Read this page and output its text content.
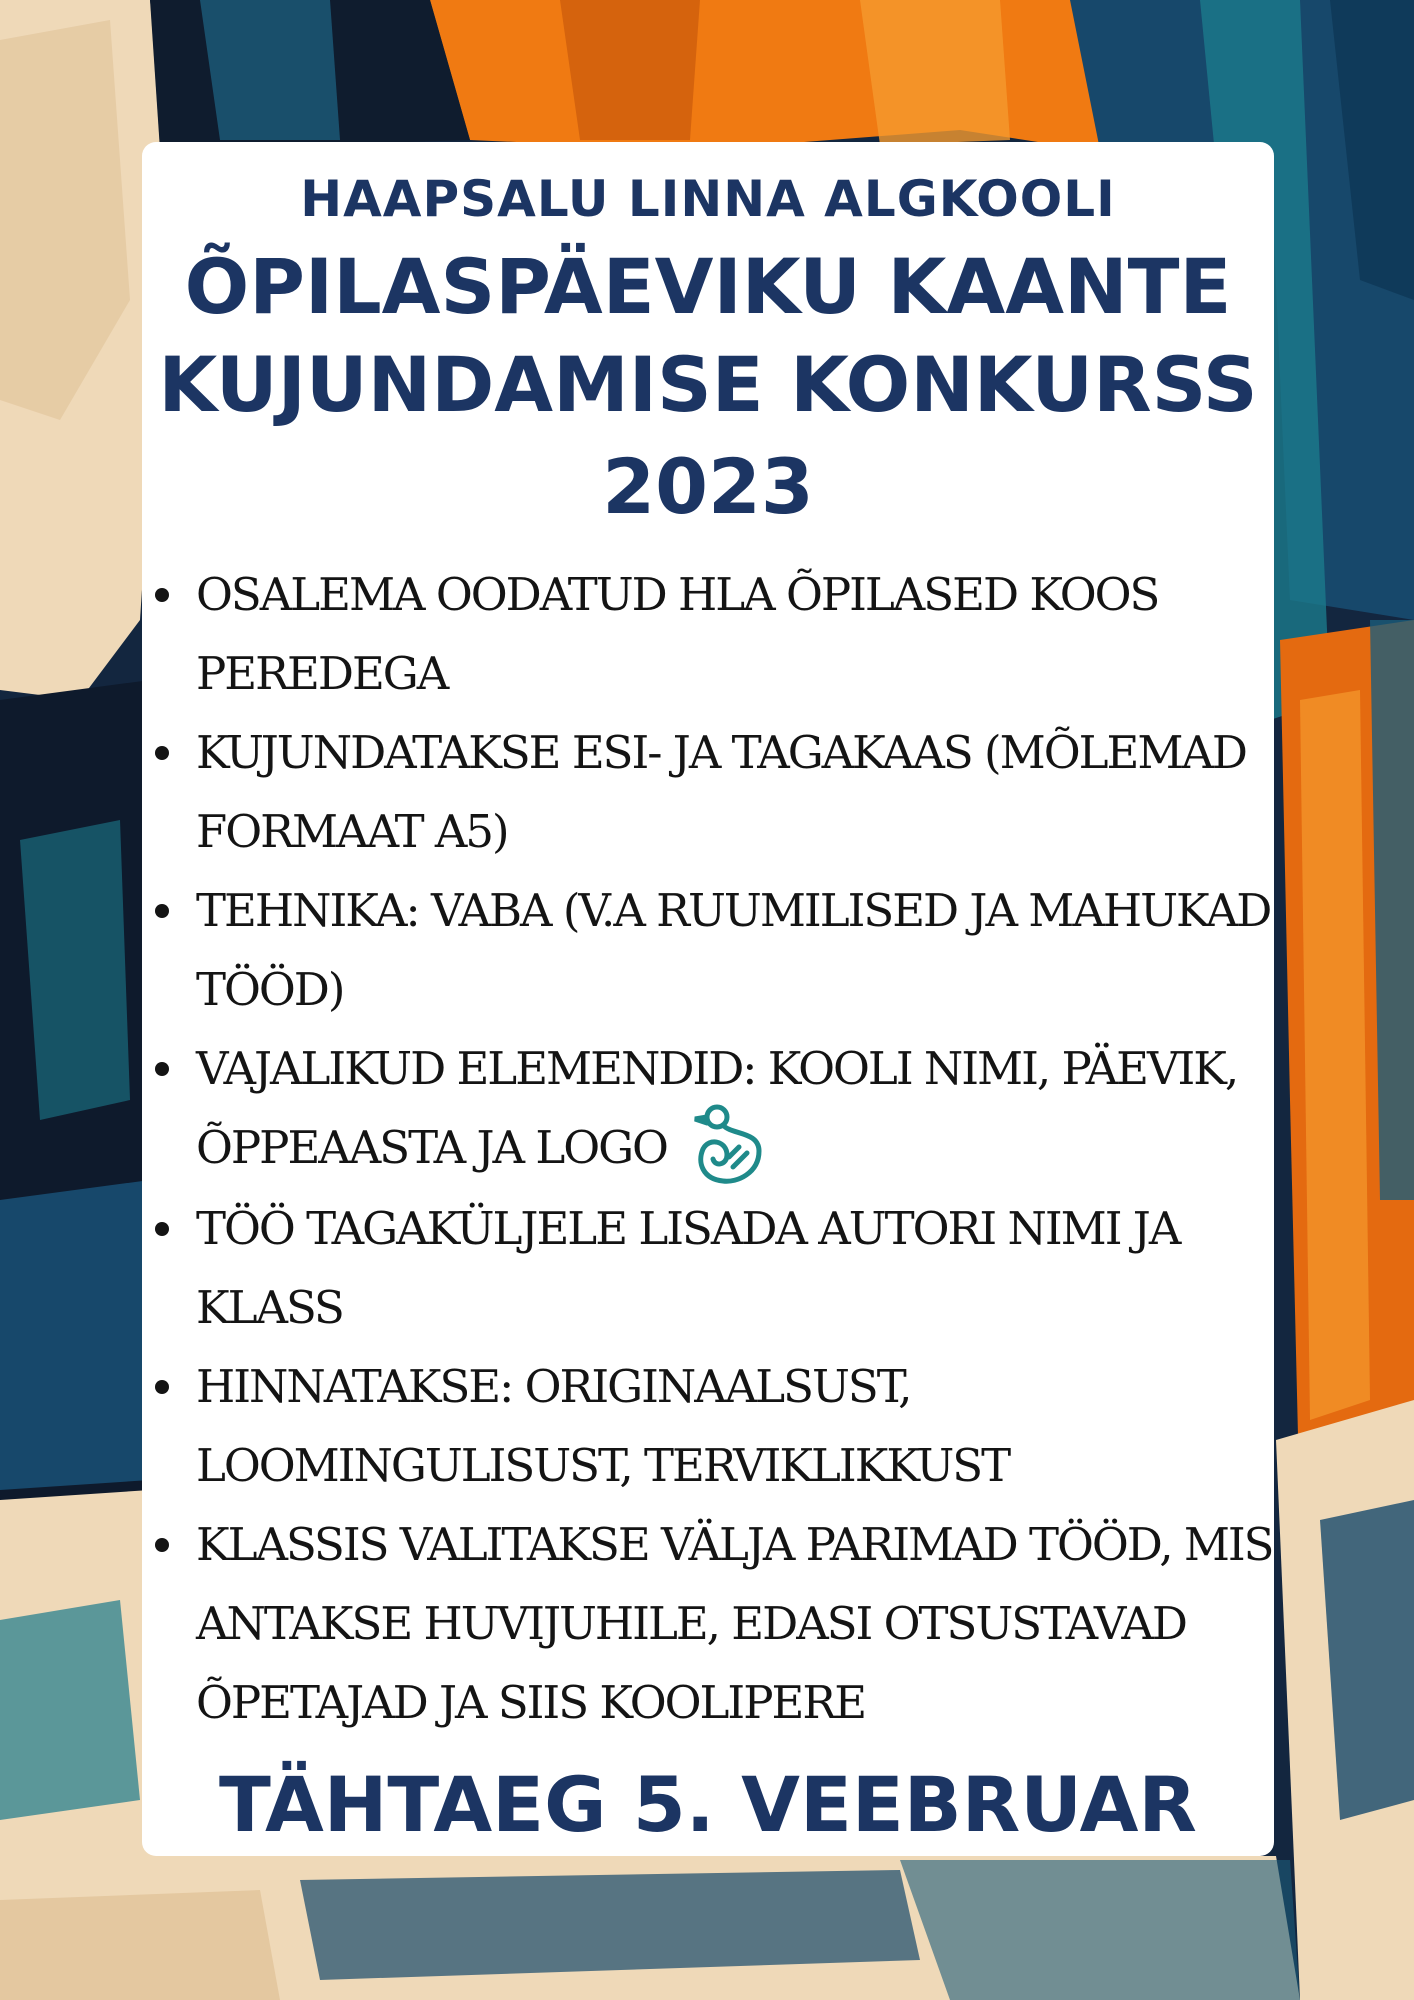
HAAPSALU LINNA ALGKOOLI
ÕPILASPÄEVIKU KAANTE
KUJUNDAMISE KONKURSS
2023
OSALEMA OODATUD HLA ÕPILASED KOOS PEREDEGA
KUJUNDATAKSE ESI- JA TAGAKAAS (MÕLEMAD FORMAAT A5)
TEHNIKA: VABA (V.A RUUMILISED JA MAHUKAD TÖÖD)
VAJALIKUD ELEMENDID: KOOLI NIMI, PÄEVIK, ÕPPEAASTA JA LOGO
TÖÖ TAGAKÜLJELE LISADA AUTORI NIMI JA KLASS
HINNATAKSE: ORIGINAALSUST, LOOMINGULISUST, TERVIKLIKKUST
KLASSIS VALITAKSE VÄLJA PARIMAD TÖÖD, MIS ANTAKSE HUVIJUHILE, EDASI OTSUSTAVAD ÕPETAJAD JA SIIS KOOLIPERE
TÄHTAEG 5. VEEBRUAR
